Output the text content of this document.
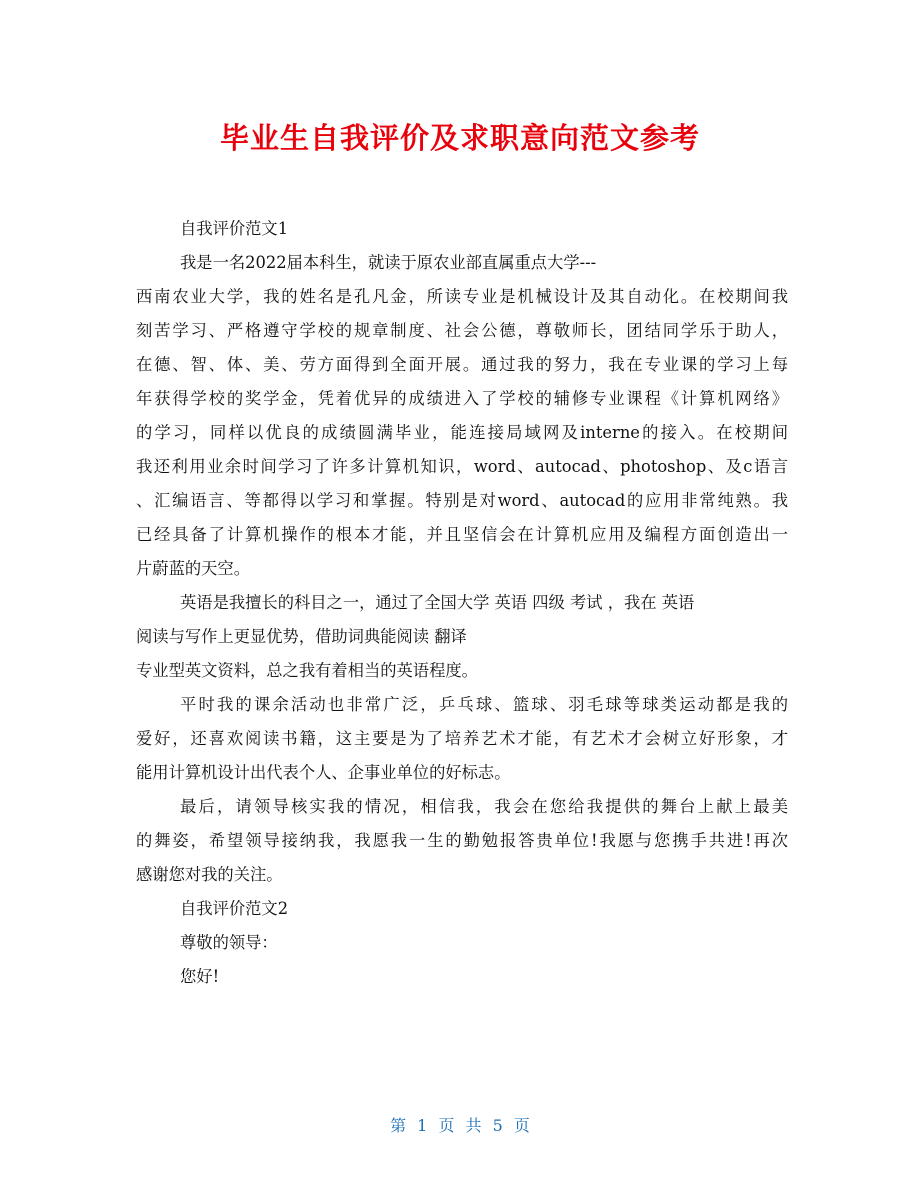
毕业生自我评价及求职意向范文参考
自我评价范文1
我是一名2022届本科生，就读于原农业部直属重点大学---
西南农业大学，我的姓名是孔凡金，所读专业是机械设计及其自动化。在校期间我
刻苦学习、严格遵守学校的规章制度、社会公德，尊敬师长，团结同学乐于助人，
在德、智、体、美、劳方面得到全面开展。通过我的努力，我在专业课的学习上每
年获得学校的奖学金，凭着优异的成绩进入了学校的辅修专业课程《计算机网络》
的学习，同样以优良的成绩圆满毕业，能连接局域网及interne的接入。在校期间
我还利用业余时间学习了许多计算机知识，word、autocad、photoshop、及c语言
、汇编语言、等都得以学习和掌握。特别是对word、autocad的应用非常纯熟。我
已经具备了计算机操作的根本才能，并且坚信会在计算机应用及编程方面创造出一
片蔚蓝的天空。
英语是我擅长的科目之一，通过了全国大学 英语 四级 考试 ，我在 英语
阅读与写作上更显优势，借助词典能阅读 翻译
专业型英文资料，总之我有着相当的英语程度。
平时我的课余活动也非常广泛，乒乓球、篮球、羽毛球等球类运动都是我的
爱好，还喜欢阅读书籍，这主要是为了培养艺术才能，有艺术才会树立好形象，才
能用计算机设计出代表个人、企事业单位的好标志。
最后，请领导核实我的情况，相信我，我会在您给我提供的舞台上献上最美
的舞姿，希望领导接纳我，我愿我一生的勤勉报答贵单位!我愿与您携手共进!再次
感谢您对我的关注。
自我评价范文2
尊敬的领导：
您好!
第 1 页 共 5 页
